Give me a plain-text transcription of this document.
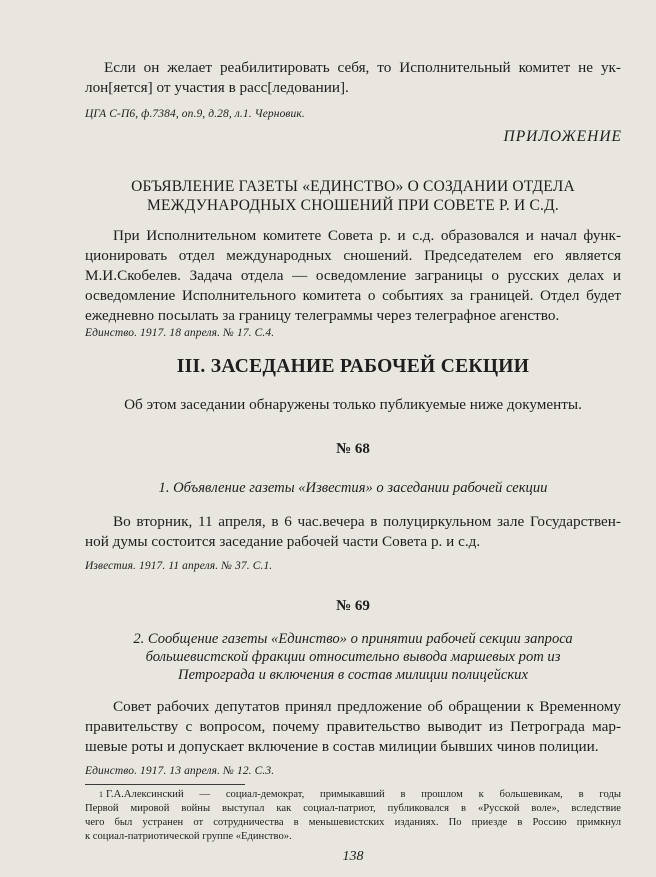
Если он желает реабилитировать себя, то Исполнительный комитет не ук-
лон[яется] от участия в расс[ледовании].
ЦГА С-П6, ф.7384, оп.9, д.28, л.1. Черновик.
ПРИЛОЖЕНИЕ
ОБЪЯВЛЕНИЕ ГАЗЕТЫ «ЕДИНСТВО» О СОЗДАНИИ ОТДЕЛА
МЕЖДУНАРОДНЫХ СНОШЕНИЙ ПРИ СОВЕТЕ Р. И С.Д.
При Исполнительном комитете Совета р. и с.д. образовался и начал функ-
ционировать отдел международных сношений. Председателем его является
М.И.Скобелев. Задача отдела — осведомление заграницы о русских делах и
осведомление Исполнительного комитета о событиях за границей. Отдел будет
ежедневно посылать за границу телеграммы через телеграфное агенство.
Единство. 1917. 18 апреля. № 17. С.4.
III. ЗАСЕДАНИЕ РАБОЧЕЙ СЕКЦИИ
Об этом заседании обнаружены только публикуемые ниже документы.
№ 68
1. Объявление газеты «Известия» о заседании рабочей секции
Во вторник, 11 апреля, в 6 час.вечера в полуциркульном зале Государствен-
ной думы состоится заседание рабочей части Совета р. и с.д.
Известия. 1917. 11 апреля. № 37. С.1.
№ 69
2. Сообщение газеты «Единство» о принятии рабочей секции запроса
большевистской фракции относительно вывода маршевых рот из
Петрограда и включения в состав милиции полицейских
Совет рабочих депутатов принял предложение об обращении к Временному
правительству с вопросом, почему правительство выводит из Петрограда мар-
шевые роты и допускает включение в состав милиции бывших чинов полиции.
Единство. 1917. 13 апреля. № 12. С.3.
$^1$ Г.А.Алексинский — социал-демократ, примыкавший в прошлом к большевикам, в годы
Первой мировой войны выступал как социал-патриот, публиковался в «Русской воле», вследствие
чего был устранен от сотрудничества в меньшевистских изданиях. По приезде в Россию примкнул
к социал-патриотической группе «Единство».
138
